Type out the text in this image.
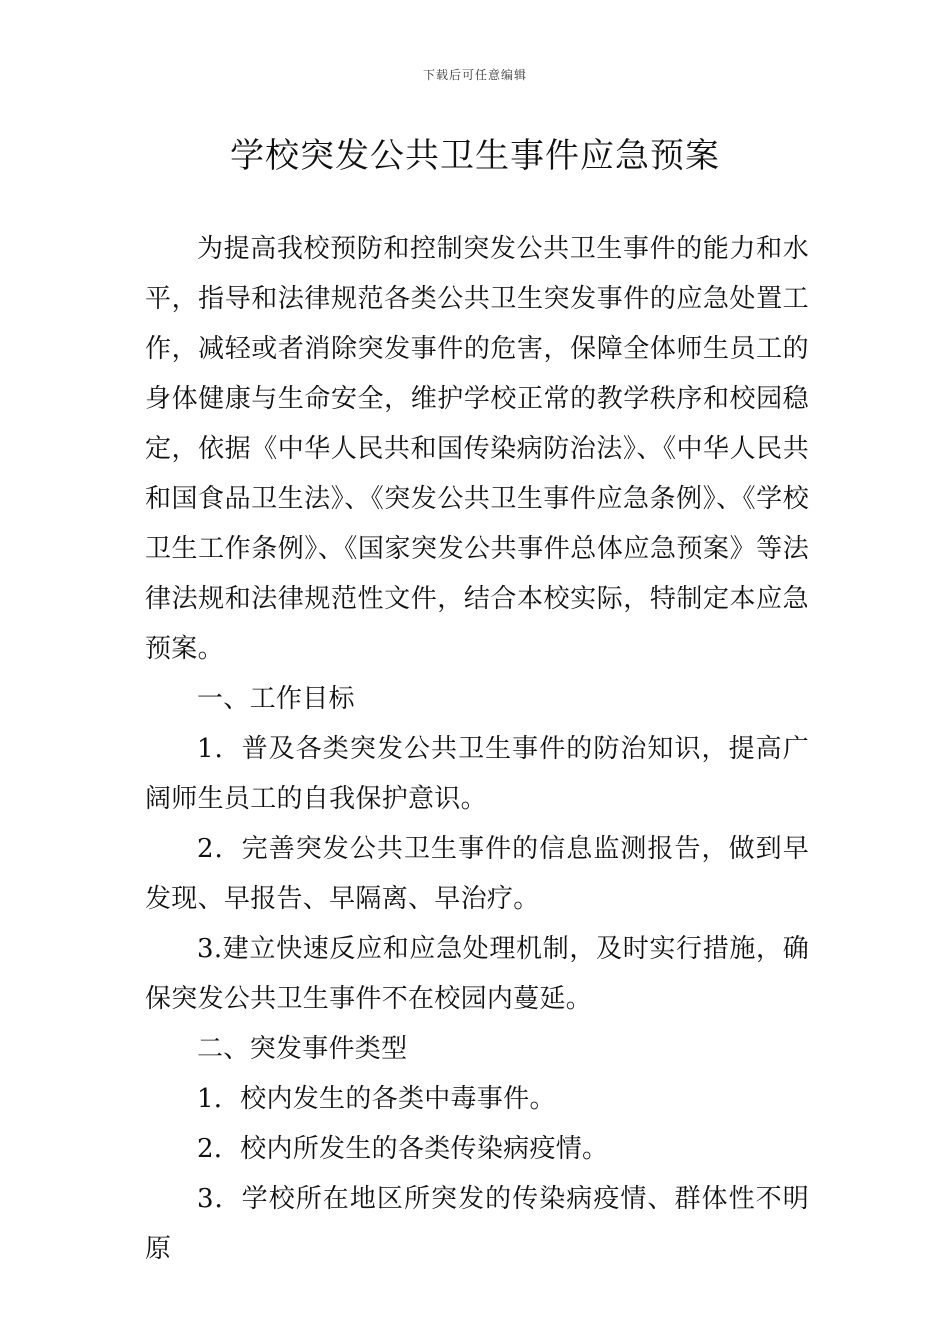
下载后可任意编辑
学校突发公共卫生事件应急预案

为提高我校预防和控制突发公共卫生事件的能力和水平，指导和法律规范各类公共卫生突发事件的应急处置工作，减轻或者消除突发事件的危害，保障全体师生员工的身体健康与生命安全，维护学校正常的教学秩序和校园稳定，依据《中华人民共和国传染病防治法》、《中华人民共和国食品卫生法》、《突发公共卫生事件应急条例》、《学校卫生工作条例》、《国家突发公共事件总体应急预案》等法律法规和法律规范性文件，结合本校实际，特制定本应急预案。

一、工作目标

1．普及各类突发公共卫生事件的防治知识，提高广阔师生员工的自我保护意识。

2．完善突发公共卫生事件的信息监测报告，做到早发现、早报告、早隔离、早治疗。

3.建立快速反应和应急处理机制，及时实行措施，确保突发公共卫生事件不在校园内蔓延。

二、突发事件类型

1．校内发生的各类中毒事件。

2．校内所发生的各类传染病疫情。

3．学校所在地区所突发的传染病疫情、群体性不明原
